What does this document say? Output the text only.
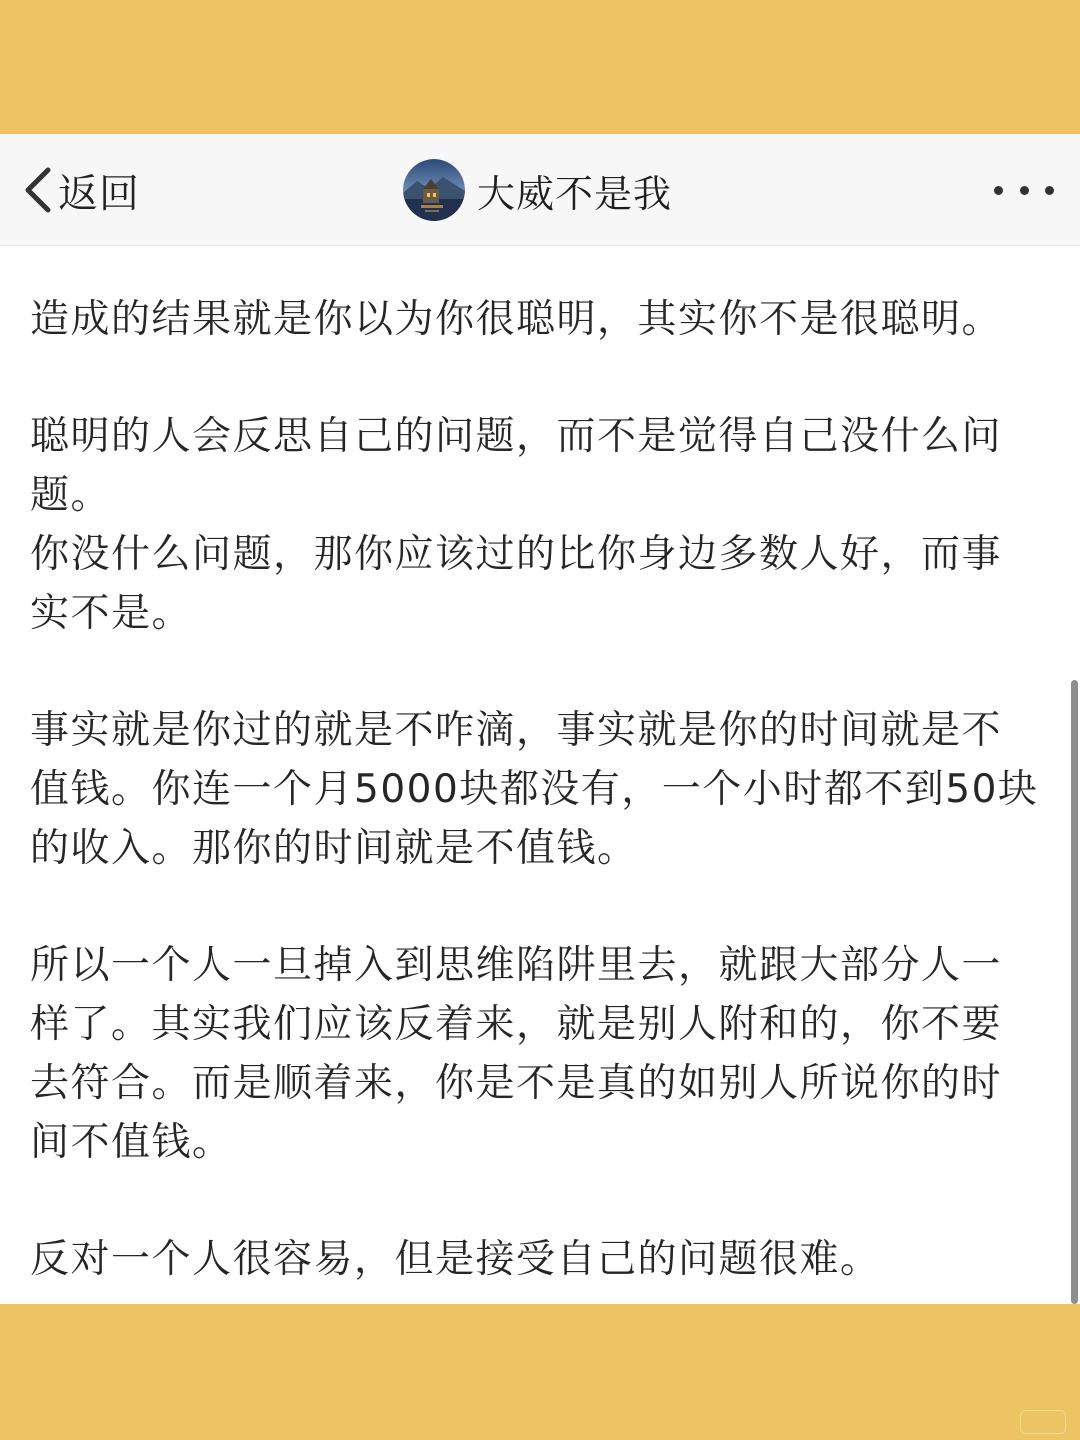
返回	大威不是我

造成的结果就是你以为你很聪明，其实你不是很聪明。

聪明的人会反思自己的问题，而不是觉得自己没什么问题。
你没什么问题，那你应该过的比你身边多数人好，而事实不是。

事实就是你过的就是不咋滴，事实就是你的时间就是不值钱。你连一个月5000块都没有，一个小时都不到50块的收入。那你的时间就是不值钱。

所以一个人一旦掉入到思维陷阱里去，就跟大部分人一样了。其实我们应该反着来，就是别人附和的，你不要去符合。而是顺着来，你是不是真的如别人所说你的时间不值钱。

反对一个人很容易，但是接受自己的问题很难。
